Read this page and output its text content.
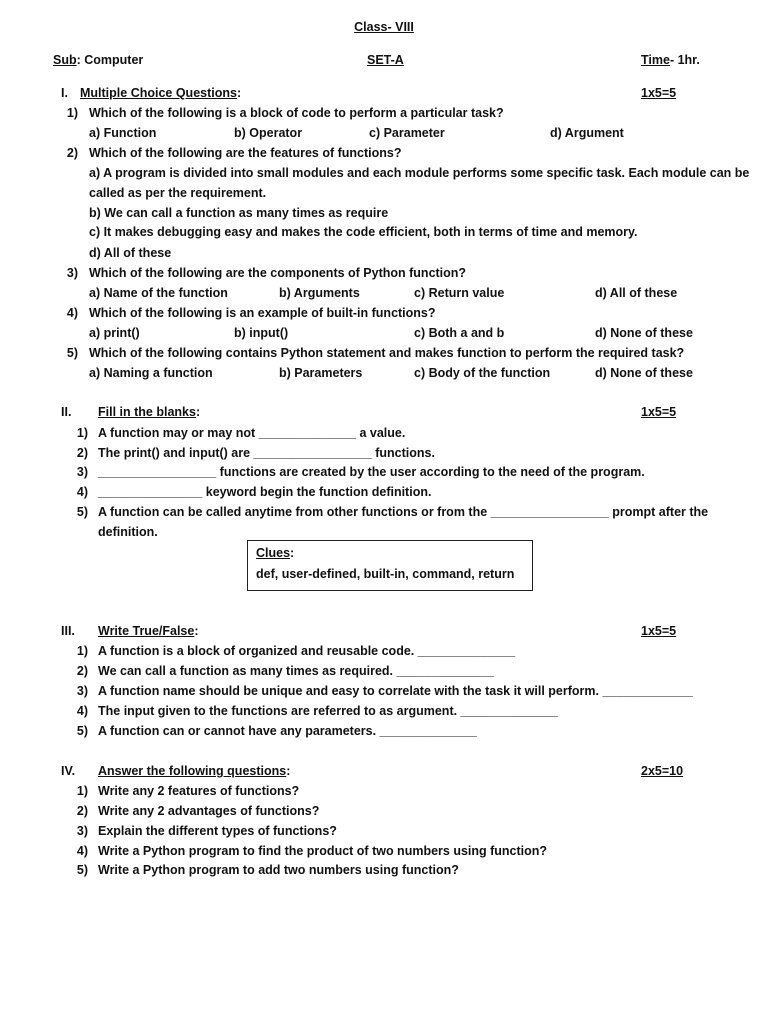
Class- VIII
Sub: Computer	SET-A	Time- 1hr.
I. Multiple Choice Questions:	1x5=5
1) Which of the following is a block of code to perform a particular task?
a) Function	b) Operator	c) Parameter	d) Argument
2) Which of the following are the features of functions?
a) A program is divided into small modules and each module performs some specific task. Each module can be
called as per the requirement.
b) We can call a function as many times as require
c) It makes debugging easy and makes the code efficient, both in terms of time and memory.
d) All of these
3) Which of the following are the components of Python function?
a) Name of the function	b) Arguments	c) Return value	d) All of these
4) Which of the following is an example of built-in functions?
a) print()	b) input()	c) Both a and b	d) None of these
5) Which of the following contains Python statement and makes function to perform the required task?
a) Naming a function	b) Parameters	c) Body of the function	d) None of these
II. Fill in the blanks:	1x5=5
1) A function may or may not ______________ a value.
2) The print() and input() are _________________ functions.
3) _________________ functions are created by the user according to the need of the program.
4) _______________ keyword begin the function definition.
5) A function can be called anytime from other functions or from the _________________ prompt after the
definition.
Clues:
def, user-defined, built-in, command, return
III. Write True/False:	1x5=5
1) A function is a block of organized and reusable code. ______________
2) We can call a function as many times as required. ______________
3) A function name should be unique and easy to correlate with the task it will perform. _____________
4) The input given to the functions are referred to as argument. ______________
5) A function can or cannot have any parameters. ______________
IV. Answer the following questions:	2x5=10
1) Write any 2 features of functions?
2) Write any 2 advantages of functions?
3) Explain the different types of functions?
4) Write a Python program to find the product of two numbers using function?
5) Write a Python program to add two numbers using function?
